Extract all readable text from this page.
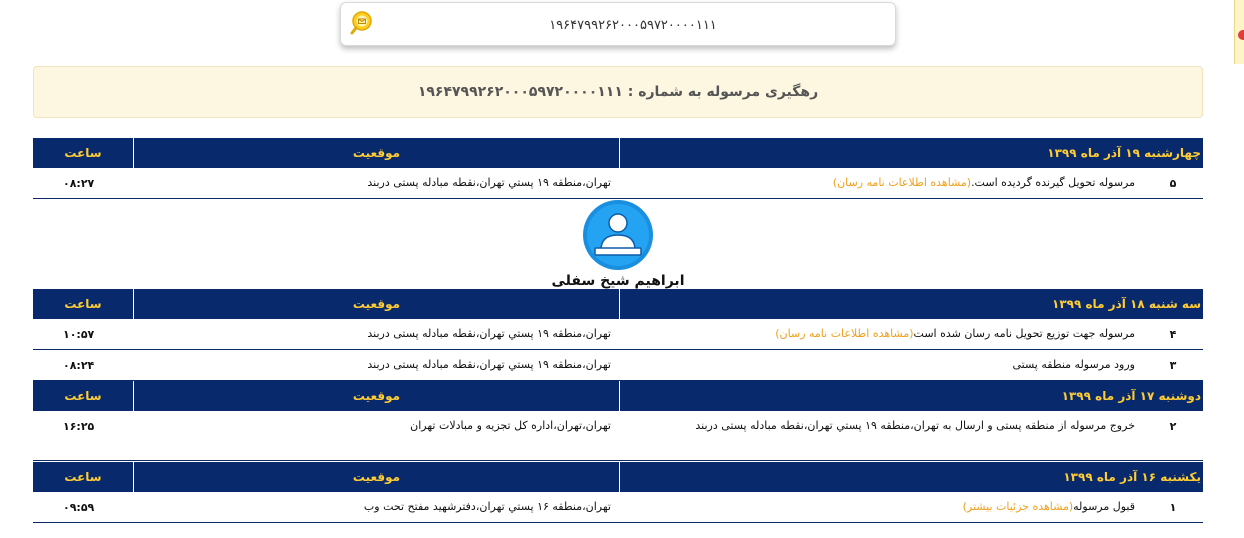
۱۹۶۴۷۹۹۲۶۲۰۰۰۵۹۷۲۰۰۰۰۱۱۱
رهگیری مرسوله به شماره : ۱۹۶۴۷۹۹۲۶۲۰۰۰۵۹۷۲۰۰۰۰۱۱۱
چهارشنبه ۱۹ آذر ماه ۱۳۹۹
موقعیت
ساعت
۵
مرسوله تحویل گیرنده گردیده است.(مشاهده اطلاعات نامه رسان)
تهران،منطقه ۱۹ پستي تهران،نقطه مبادله پستی دربند
۰۸:۲۷
ابراهیم شیخ سفلی
سه شنبه ۱۸ آذر ماه ۱۳۹۹
موقعیت
ساعت
۴
مرسوله جهت توزیع تحویل نامه رسان شده است(مشاهده اطلاعات نامه رسان)
تهران،منطقه ۱۹ پستي تهران،نقطه مبادله پستی دربند
۱۰:۵۷
۳
ورود مرسوله منطقه پستی
تهران،منطقه ۱۹ پستي تهران،نقطه مبادله پستی دربند
۰۸:۲۴
دوشنبه ۱۷ آذر ماه ۱۳۹۹
موقعیت
ساعت
۲
خروج مرسوله از منطقه پستی و ارسال به تهران،منطقه ۱۹ پستي تهران،نقطه مبادله پستی دربند
تهران،تهران،اداره کل تجزیه و مبادلات تهران
۱۶:۲۵
یکشنبه ۱۶ آذر ماه ۱۳۹۹
موقعیت
ساعت
۱
قبول مرسوله(مشاهده جزئیات بیشتر)
تهران،منطقه ۱۶ پستي تهران،دفترشهید مفتح تحت وب
۰۹:۵۹
